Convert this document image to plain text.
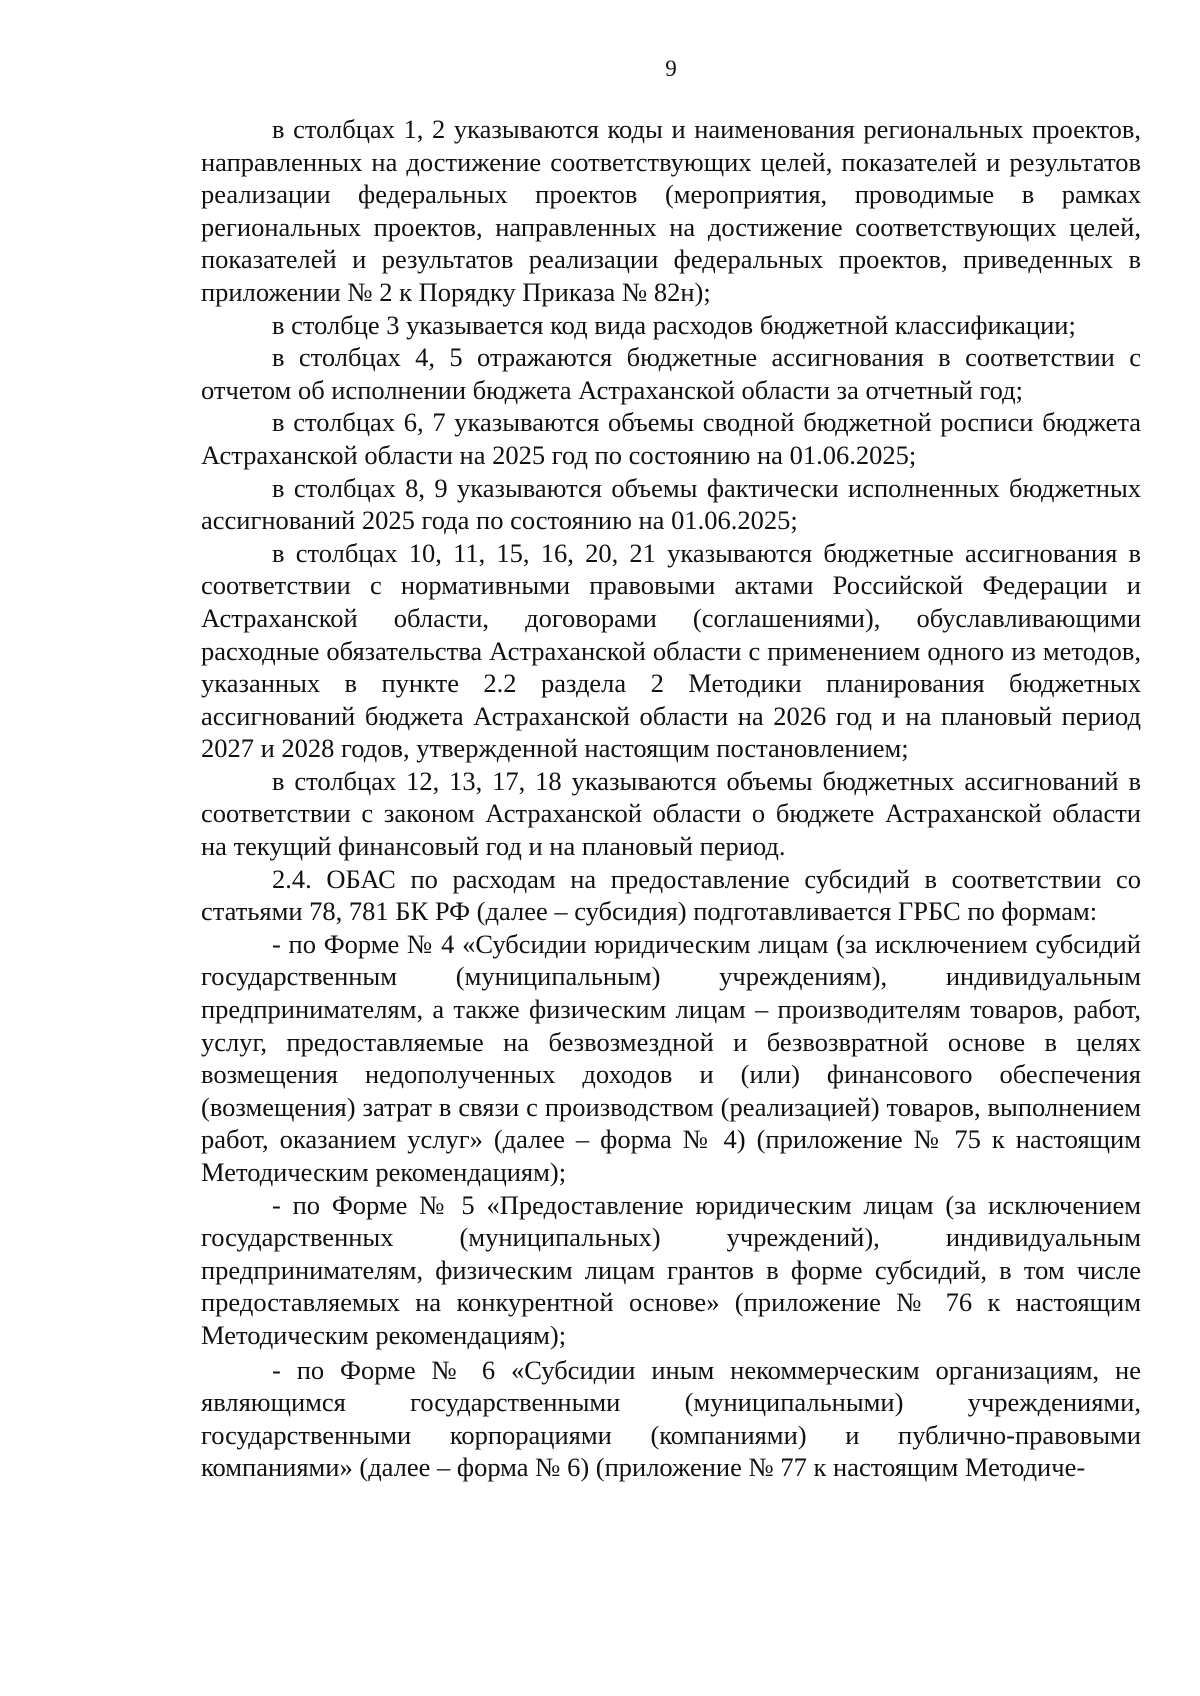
9

в столбцах 1, 2 указываются коды и наименования региональных проектов, направленных на достижение соответствующих целей, показателей и результатов реализации федеральных проектов (мероприятия, проводимые в рамках региональных проектов, направленных на достижение соответствующих целей, показателей и результатов реализации федеральных проектов, приведенных в приложении № 2 к Порядку Приказа № 82н);

в столбце 3 указывается код вида расходов бюджетной классификации;

в столбцах 4, 5 отражаются бюджетные ассигнования в соответствии с отчетом об исполнении бюджета Астраханской области за отчетный год;

в столбцах 6, 7 указываются объемы сводной бюджетной росписи бюджета Астраханской области на 2025 год по состоянию на 01.06.2025;

в столбцах 8, 9 указываются объемы фактически исполненных бюджетных ассигнований 2025 года по состоянию на 01.06.2025;

в столбцах 10, 11, 15, 16, 20, 21 указываются бюджетные ассигнования в соответствии с нормативными правовыми актами Российской Федерации и Астраханской области, договорами (соглашениями), обуславливающими расходные обязательства Астраханской области с применением одного из методов, указанных в пункте 2.2 раздела 2 Методики планирования бюджетных ассигнований бюджета Астраханской области на 2026 год и на плановый период 2027 и 2028 годов, утвержденной настоящим постановлением;

в столбцах 12, 13, 17, 18 указываются объемы бюджетных ассигнований в соответствии с законом Астраханской области о бюджете Астраханской области на текущий финансовый год и на плановый период.

2.4. ОБАС по расходам на предоставление субсидий в соответствии со статьями 78, 781 БК РФ (далее – субсидия) подготавливается ГРБС по формам:

- по Форме № 4 «Субсидии юридическим лицам (за исключением субсидий государственным (муниципальным) учреждениям), индивидуальным предпринимателям, а также физическим лицам – производителям товаров, работ, услуг, предоставляемые на безвозмездной и безвозвратной основе в целях возмещения недополученных доходов и (или) финансового обеспечения (возмещения) затрат в связи с производством (реализацией) товаров, выполнением работ, оказанием услуг» (далее – форма № 4) (приложение № 75 к настоящим Методическим рекомендациям);

- по Форме № 5 «Предоставление юридическим лицам (за исключением государственных (муниципальных) учреждений), индивидуальным предпринимателям, физическим лицам грантов в форме субсидий, в том числе предоставляемых на конкурентной основе» (приложение № 76 к настоящим Методическим рекомендациям);

- по Форме № 6 «Субсидии иным некоммерческим организациям, не являющимся государственными (муниципальными) учреждениями, государственными корпорациями (компаниями) и публично-правовыми компаниями» (далее – форма № 6) (приложение № 77 к настоящим Методиче-
